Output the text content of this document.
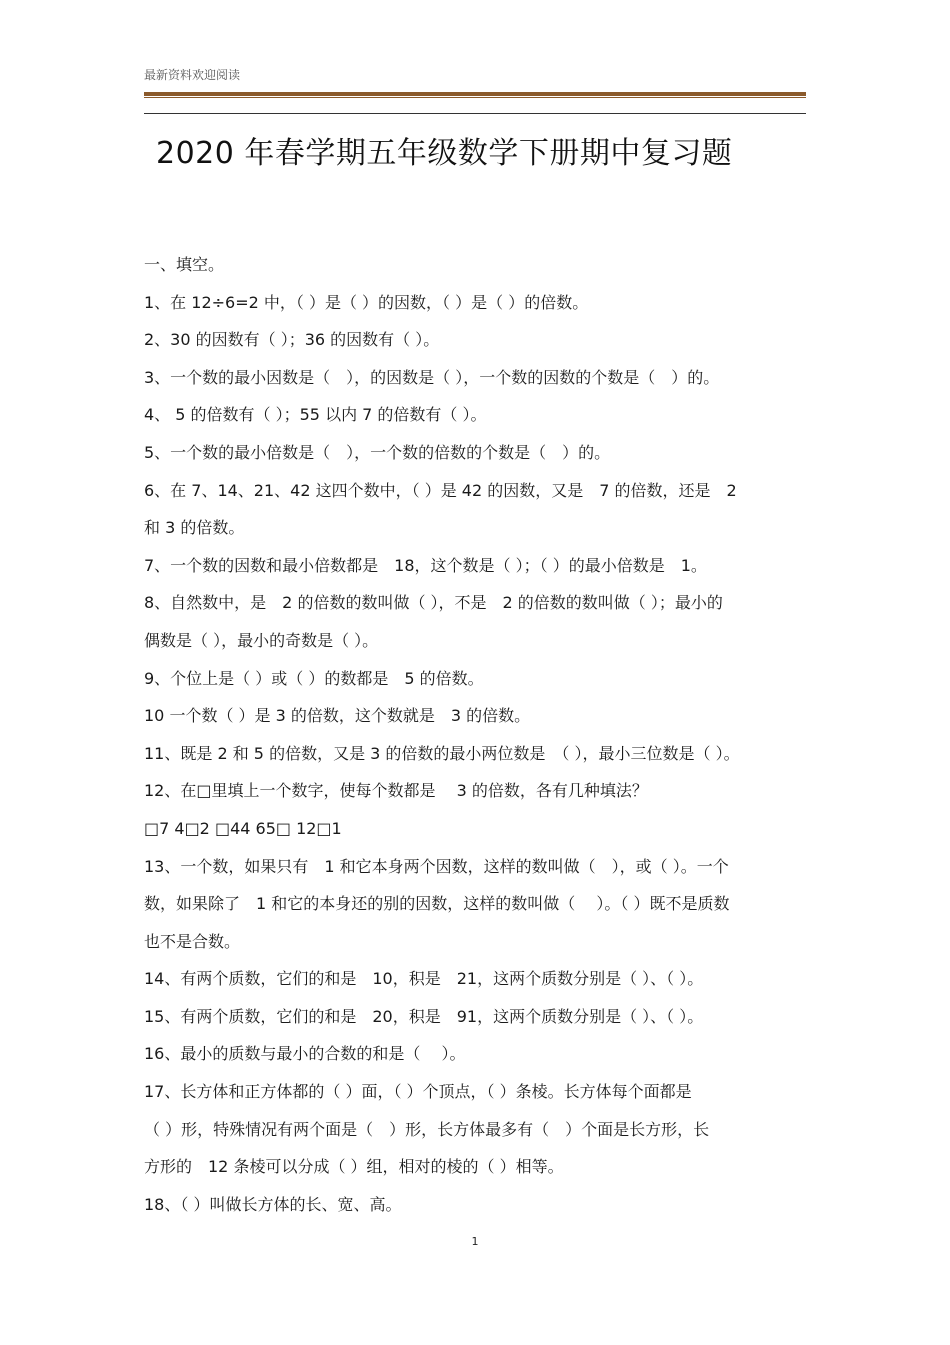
最新资料欢迎阅读
2020 年春学期五年级数学下册期中复习题
一、填空。
1、在 12÷6=2 中，（ ）是（ ）的因数，（ ）是（ ）的倍数。
2、30 的因数有（ ）；36 的因数有（ ）。
3、一个数的最小因数是（　），的因数是（ ），一个数的因数的个数是（　）的。
4、 5 的倍数有（ ）；55 以内 7 的倍数有（ ）。
5、一个数的最小倍数是（　），一个数的倍数的个数是（　）的。
6、在 7、14、21、42 这四个数中，（ ）是 42 的因数，又是　7 的倍数，还是　2
和 3 的倍数。
7、一个数的因数和最小倍数都是　18，这个数是（ ）；（ ）的最小倍数是　1。
8、自然数中，是　2 的倍数的数叫做（ ），不是　2 的倍数的数叫做（ ）；最小的
偶数是（ ），最小的奇数是（ ）。
9、个位上是（ ）或（ ）的数都是　5 的倍数。
10 一个数（ ）是 3 的倍数，这个数就是　3 的倍数。
11、既是 2 和 5 的倍数，又是 3 的倍数的最小两位数是　（ ），最小三位数是（ ）。
12、在□里填上一个数字，使每个数都是　 3 的倍数，各有几种填法？
□7 4□2 □44 65□ 12□1
13、一个数，如果只有　1 和它本身两个因数，这样的数叫做（　），或（ ）。一个
数，如果除了　1 和它的本身还的别的因数，这样的数叫做（　 ）。（ ）既不是质数
也不是合数。
14、有两个质数，它们的和是　10，积是　21，这两个质数分别是（ ）、（ ）。
15、有两个质数，它们的和是　20，积是　91，这两个质数分别是（ ）、（ ）。
16、最小的质数与最小的合数的和是（　 ）。
17、长方体和正方体都的（ ）面，（ ）个顶点，（ ）条棱。长方体每个面都是
（ ）形，特殊情况有两个面是（　）形，长方体最多有（　）个面是长方形，长
方形的　12 条棱可以分成（ ）组，相对的棱的（ ）相等。
18、（ ）叫做长方体的长、宽、高。
1
